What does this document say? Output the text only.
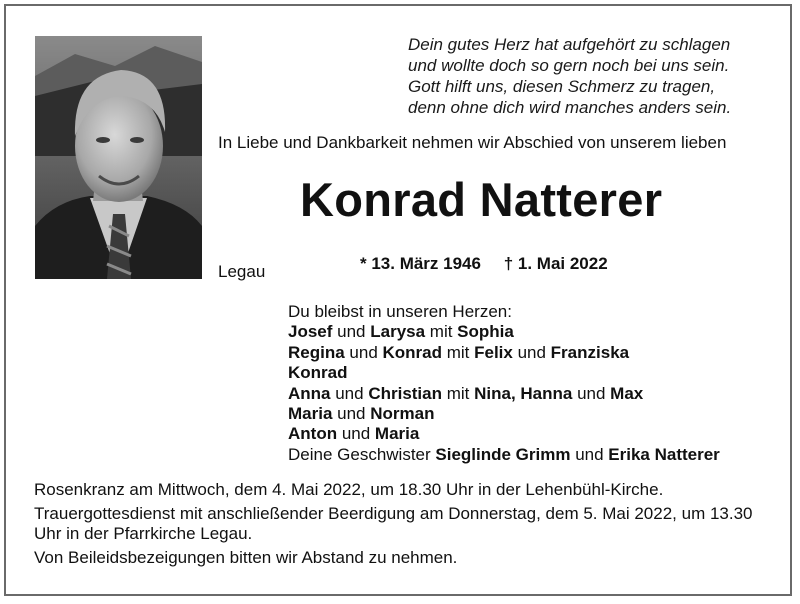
Dein gutes Herz hat aufgehört zu schlagen
und wollte doch so gern noch bei uns sein.
Gott hilft uns, diesen Schmerz zu tragen,
denn ohne dich wird manches anders sein.
In Liebe und Dankbarkeit nehmen wir Abschied von unserem lieben
Konrad Natterer
* 13. März 1946 † 1. Mai 2022
Legau
Du bleibst in unseren Herzen:
Josef und Larysa mit Sophia
Regina und Konrad mit Felix und Franziska
Konrad
Anna und Christian mit Nina, Hanna und Max
Maria und Norman
Anton und Maria
Deine Geschwister Sieglinde Grimm und Erika Natterer

Rosenkranz am Mittwoch, dem 4. Mai 2022, um 18.30 Uhr in der Lehenbühl-Kirche.

Trauergottesdienst mit anschließender Beerdigung am Donnerstag, dem 5. Mai 2022, um 13.30 Uhr in der Pfarrkirche Legau.

Von Beileidsbezeigungen bitten wir Abstand zu nehmen.
